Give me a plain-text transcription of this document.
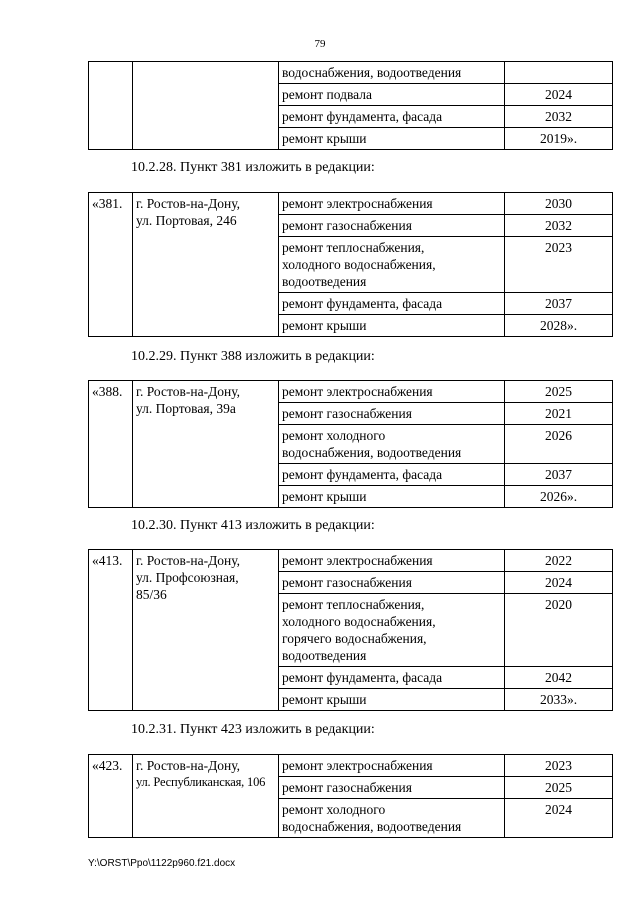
79
		водоснабжения, водоотведения	
		ремонт подвала	2024
		ремонт фундамента, фасада	2032
		ремонт крыши	2019».
10.2.28. Пункт 381 изложить в редакции:
«381.	г. Ростов-на-Дону,
ул. Портовая, 246	ремонт электроснабжения	2030
		ремонт газоснабжения	2032

		ремонт теплоснабжения,
холодного водоснабжения,
водоотведения	2023
		ремонт фундамента, фасада	2037
		ремонт крыши	2028».
10.2.29. Пункт 388 изложить в редакции:
«388.	г. Ростов-на-Дону,
ул. Портовая, 39а	ремонт электроснабжения	2025
		ремонт газоснабжения	2021

		ремонт холодного
водоснабжения, водоотведения	2026
		ремонт фундамента, фасада	2037
		ремонт крыши	2026».
10.2.30. Пункт 413 изложить в редакции:
«413.	г. Ростов-на-Дону,
ул. Профсоюзная,
85/36	ремонт электроснабжения	2022
		ремонт газоснабжения	2024

		ремонт теплоснабжения,
холодного водоснабжения,
горячего водоснабжения,
водоотведения	2020
		ремонт фундамента, фасада	2042
		ремонт крыши	2033».
10.2.31. Пункт 423 изложить в редакции:
«423.	г. Ростов-на-Дону,
ул. Республиканская, 106	ремонт электроснабжения	2023
		ремонт газоснабжения	2025

		ремонт холодного
водоснабжения, водоотведения	2024
Y:\ORST\Ppo\1122p960.f21.docx
